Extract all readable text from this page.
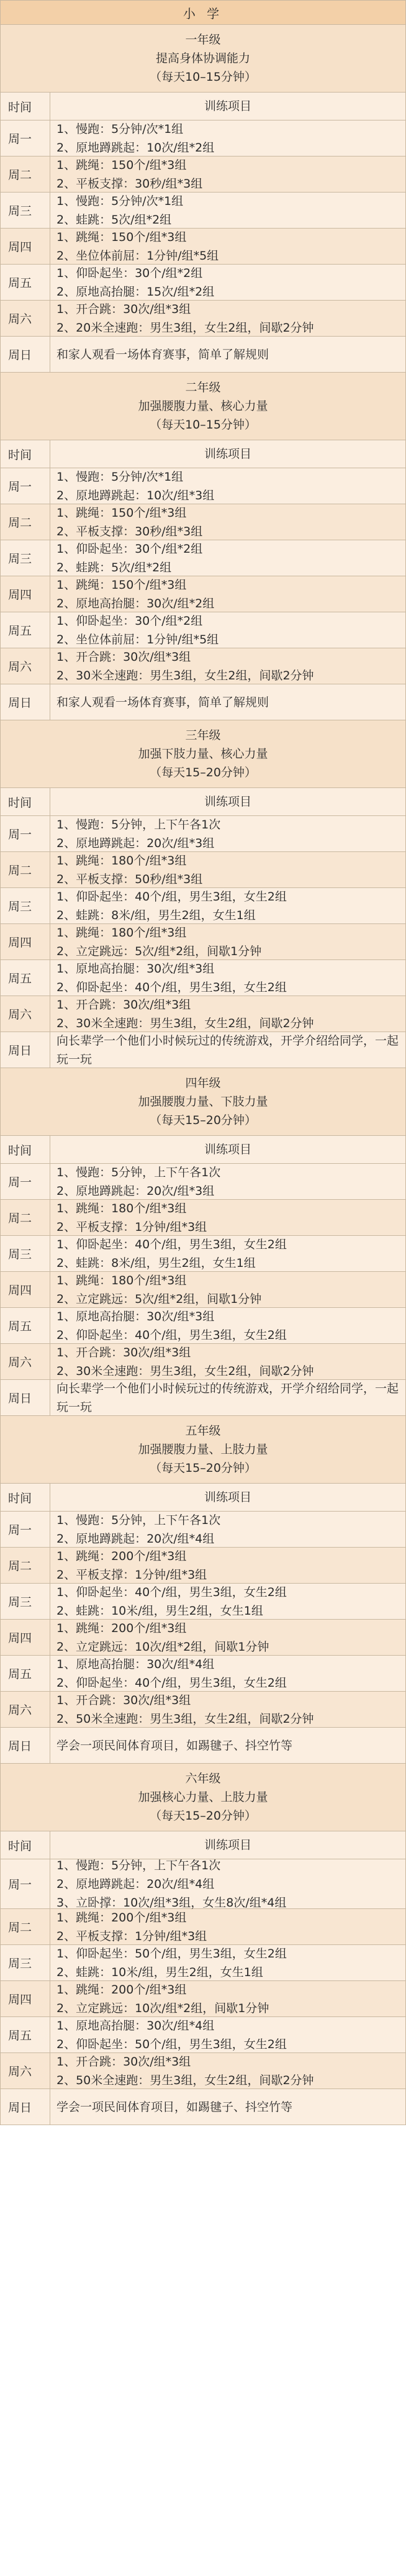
小 学
一年级
提高身体协调能力
（每天10–15分钟）
时间	训练项目
周一
1、慢跑：5分钟/次*1组
2、原地蹲跳起：10次/组*2组
周二
1、跳绳：150个/组*3组
2、平板支撑：30秒/组*3组
周三
1、慢跑：5分钟/次*1组
2、蛙跳：5次/组*2组
周四
1、跳绳：150个/组*3组
2、坐位体前屈：1分钟/组*5组
周五
1、仰卧起坐：30个/组*2组
2、原地高抬腿：15次/组*2组
周六
1、开合跳：30次/组*3组
2、20米全速跑：男生3组，女生2组，间歇2分钟
周日	和家人观看一场体育赛事，简单了解规则
二年级
加强腰腹力量、核心力量
（每天10–15分钟）
时间	训练项目
周一
1、慢跑：5分钟/次*1组
2、原地蹲跳起：10次/组*3组
周二
1、跳绳：150个/组*3组
2、平板支撑：30秒/组*3组
周三
1、仰卧起坐：30个/组*2组
2、蛙跳：5次/组*2组
周四
1、跳绳：150个/组*3组
2、原地高抬腿：30次/组*2组
周五
1、仰卧起坐：30个/组*2组
2、坐位体前屈：1分钟/组*5组
周六
1、开合跳：30次/组*3组
2、30米全速跑：男生3组，女生2组，间歇2分钟
周日	和家人观看一场体育赛事，简单了解规则
三年级
加强下肢力量、核心力量
（每天15–20分钟）
时间	训练项目
周一
1、慢跑：5分钟，上下午各1次
2、原地蹲跳起：20次/组*3组
周二
1、跳绳：180个/组*3组
2、平板支撑：50秒/组*3组
周三
1、仰卧起坐：40个/组，男生3组，女生2组
2、蛙跳：8米/组，男生2组，女生1组
周四
1、跳绳：180个/组*3组
2、立定跳远：5次/组*2组，间歇1分钟
周五
1、原地高抬腿：30次/组*3组
2、仰卧起坐：40个/组，男生3组，女生2组
周六
1、开合跳：30次/组*3组
2、30米全速跑：男生3组，女生2组，间歇2分钟
周日
向长辈学一个他们小时候玩过的传统游戏，开学介绍给同学，一起玩一玩
四年级
加强腰腹力量、下肢力量
（每天15–20分钟）
时间	训练项目
周一
1、慢跑：5分钟，上下午各1次
2、原地蹲跳起：20次/组*3组
周二
1、跳绳：180个/组*3组
2、平板支撑：1分钟/组*3组
周三
1、仰卧起坐：40个/组，男生3组，女生2组
2、蛙跳：8米/组，男生2组，女生1组
周四
1、跳绳：180个/组*3组
2、立定跳远：5次/组*2组，间歇1分钟
周五
1、原地高抬腿：30次/组*3组
2、仰卧起坐：40个/组，男生3组，女生2组
周六
1、开合跳：30次/组*3组
2、30米全速跑：男生3组，女生2组，间歇2分钟
周日
向长辈学一个他们小时候玩过的传统游戏，开学介绍给同学，一起玩一玩
五年级
加强腰腹力量、上肢力量
（每天15–20分钟）
时间	训练项目
周一
1、慢跑：5分钟，上下午各1次
2、原地蹲跳起：20次/组*4组
周二
1、跳绳：200个/组*3组
2、平板支撑：1分钟/组*3组
周三
1、仰卧起坐：40个/组，男生3组，女生2组
2、蛙跳：10米/组，男生2组，女生1组
周四
1、跳绳：200个/组*3组
2、立定跳远：10次/组*2组，间歇1分钟
周五
1、原地高抬腿：30次/组*4组
2、仰卧起坐：40个/组，男生3组，女生2组
周六
1、开合跳：30次/组*3组
2、50米全速跑：男生3组，女生2组，间歇2分钟
周日	学会一项民间体育项目，如踢毽子、抖空竹等
六年级
加强核心力量、上肢力量
（每天15–20分钟）
时间	训练项目
周一
1、慢跑：5分钟，上下午各1次
2、原地蹲跳起：20次/组*4组
3、立卧撑：10次/组*3组，女生8次/组*4组
周二
1、跳绳：200个/组*3组
2、平板支撑：1分钟/组*3组
周三
1、仰卧起坐：50个/组，男生3组，女生2组
2、蛙跳：10米/组，男生2组，女生1组
周四
1、跳绳：200个/组*3组
2、立定跳远：10次/组*2组，间歇1分钟
周五
1、原地高抬腿：30次/组*4组
2、仰卧起坐：50个/组，男生3组，女生2组
周六
1、开合跳：30次/组*3组
2、50米全速跑：男生3组，女生2组，间歇2分钟
周日	学会一项民间体育项目，如踢毽子、抖空竹等
